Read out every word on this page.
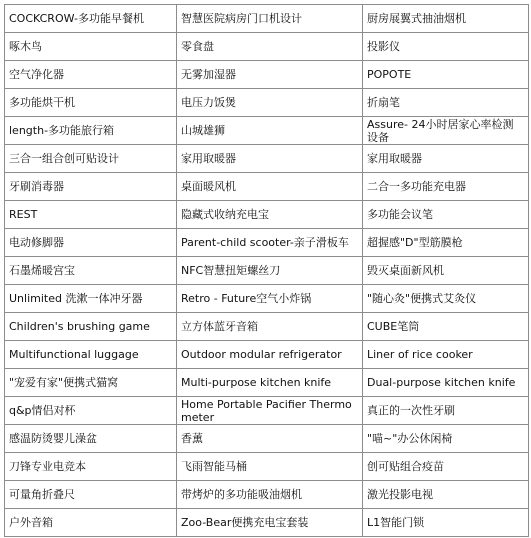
COCKCROW-多功能早餐机	智慧医院病房门口机设计	厨房展翼式抽油烟机
啄木鸟	零食盘	投影仪
空气净化器	无雾加湿器	POPOTE
多功能烘干机	电压力饭煲	折扇笔
length-多功能旅行箱	山城雄狮	Assure- 24小时居家心率检测设备
三合一组合创可贴设计	家用取暖器	家用取暖器
牙刷消毒器	桌面暖风机	二合一多功能充电器
REST	隐藏式收纳充电宝	多功能会议笔
电动修脚器	Parent-child scooter-亲子滑板车	超握感"D"型筋膜枪
石墨烯暖宫宝	NFC智慧扭矩螺丝刀	毁灭桌面新风机
Unlimited 洗漱一体冲牙器	Retro - Future空气小炸锅	"随心灸"便携式艾灸仪
Children's brushing game	立方体蓝牙音箱	CUBE笔筒
Multifunctional luggage	Outdoor modular refrigerator	Liner of rice cooker
"宠爱有家"便携式猫窝	Multi-purpose kitchen knife	Dual-purpose kitchen knife
q&p情侣对杯	Home Portable Pacifier Thermometer	真正的一次性牙刷
感温防烫婴儿澡盆	香薰	"喵~"办公休闲椅
刀锋专业电竞本	飞雨智能马桶	创可贴组合疫苗
可量角折叠尺	带烤炉的多功能吸油烟机	激光投影电视
户外音箱	Zoo-Bear便携充电宝套装	L1智能门锁
